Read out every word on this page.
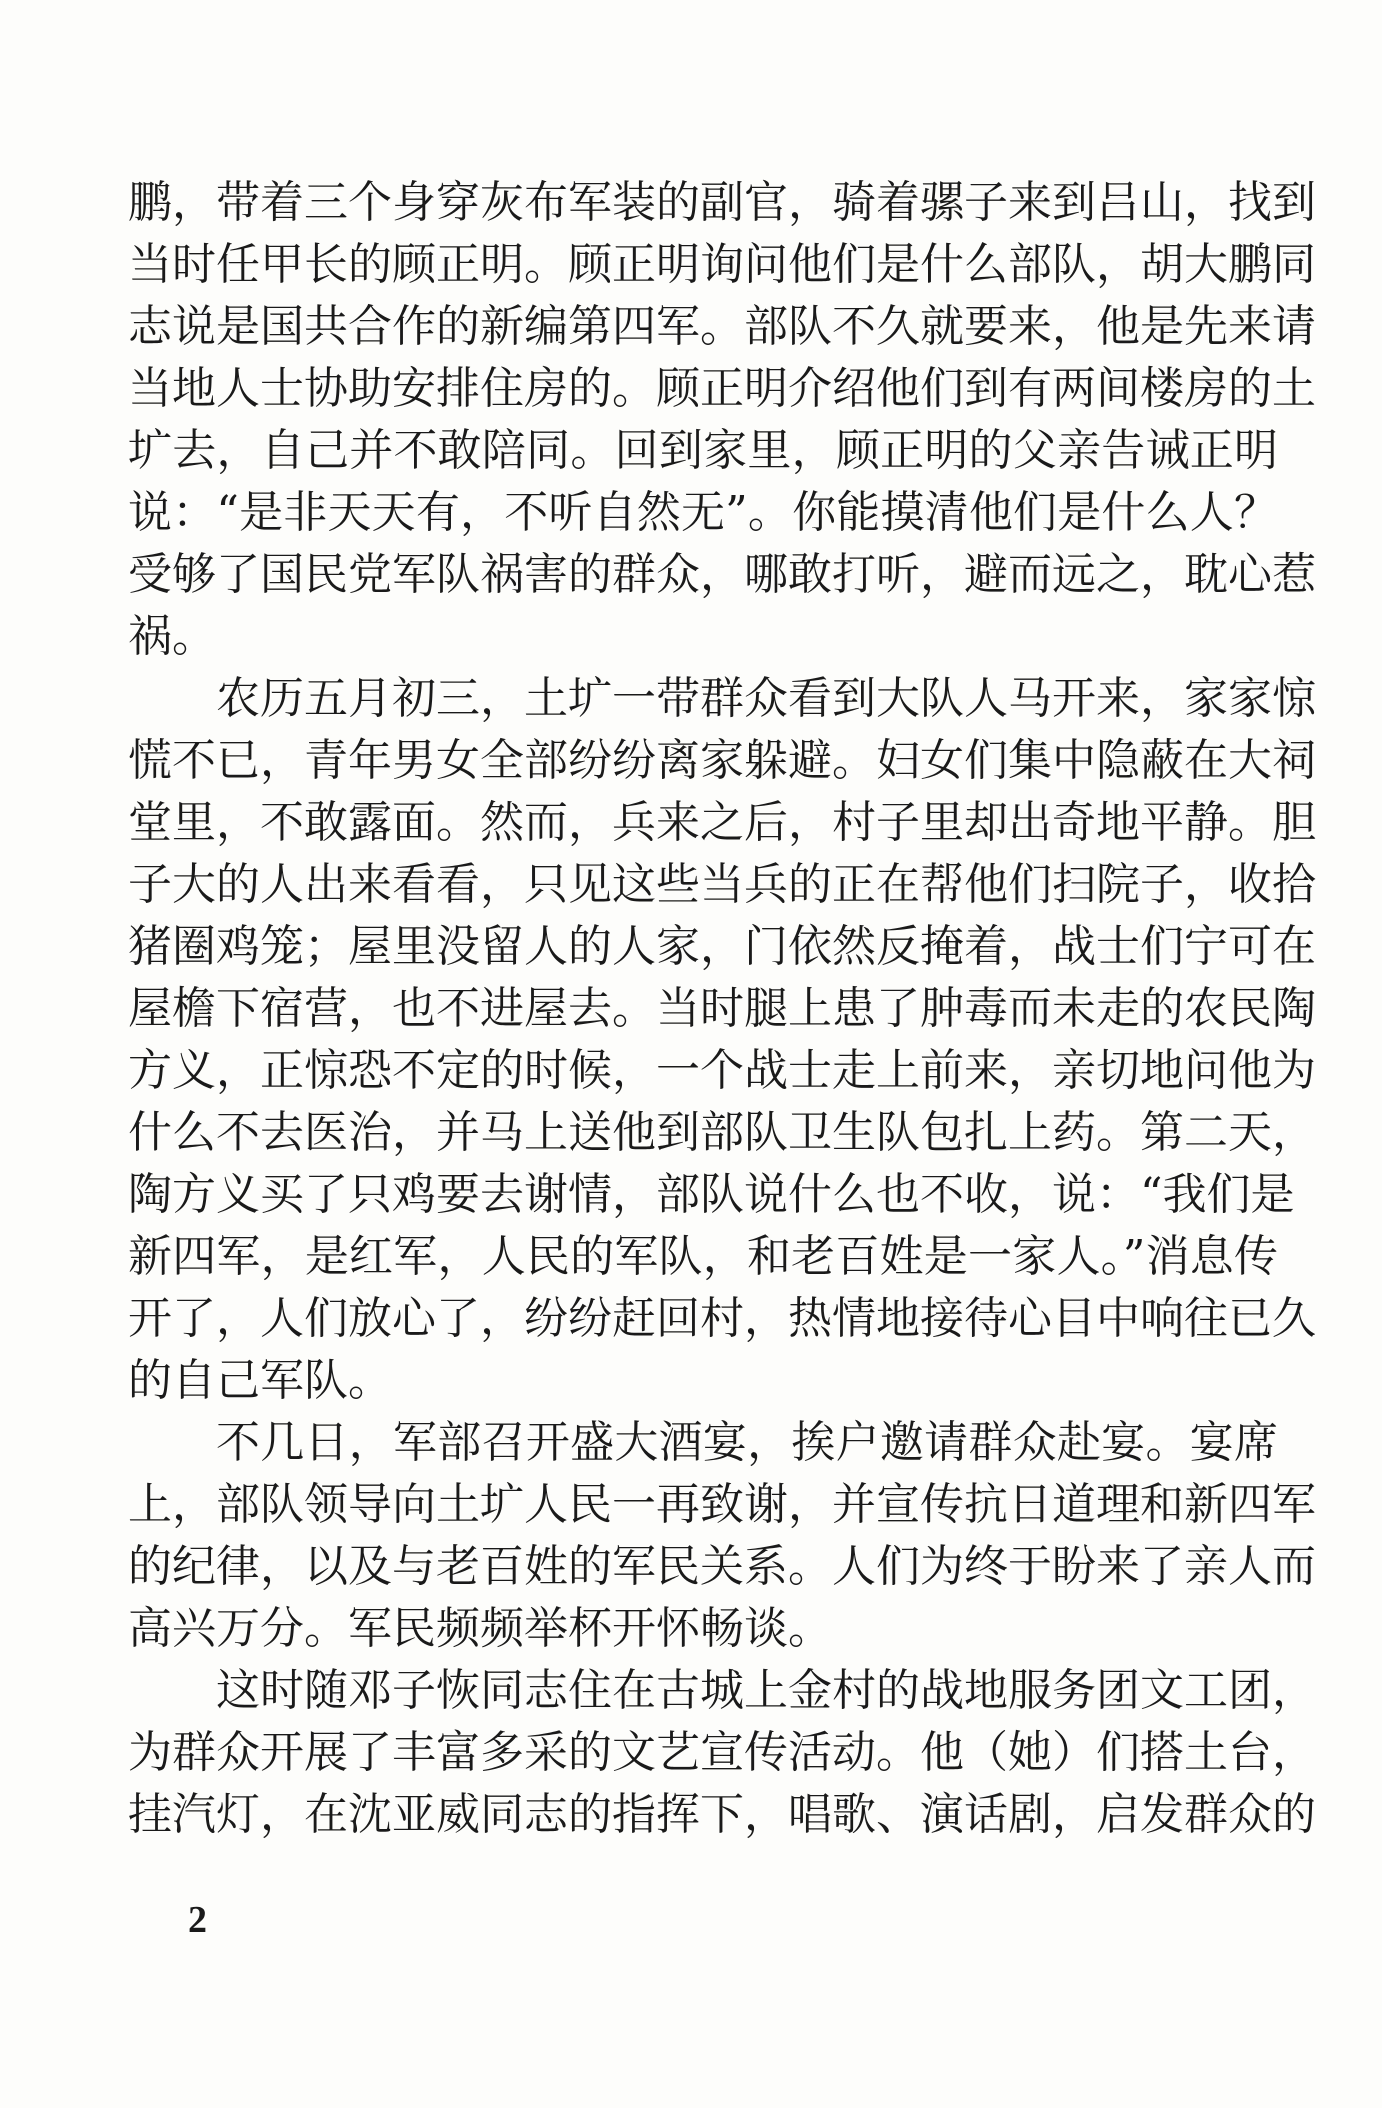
鹏，带着三个身穿灰布军装的副官，骑着骡子来到吕山，找到
当时任甲长的顾正明。顾正明询问他们是什么部队，胡大鹏同
志说是国共合作的新编第四军。部队不久就要来，他是先来请
当地人士协助安排住房的。顾正明介绍他们到有两间楼房的土
圹去，自己并不敢陪同。回到家里，顾正明的父亲告诫正明
说：“是非天天有，不听自然无”。你能摸清他们是什么人？
受够了国民党军队祸害的群众，哪敢打听，避而远之，耽心惹
祸。
农历五月初三，土圹一带群众看到大队人马开来，家家惊
慌不已，青年男女全部纷纷离家躲避。妇女们集中隐蔽在大祠
堂里，不敢露面。然而，兵来之后，村子里却出奇地平静。胆
子大的人出来看看，只见这些当兵的正在帮他们扫院子，收拾
猪圈鸡笼；屋里没留人的人家，门依然反掩着，战士们宁可在
屋檐下宿营，也不进屋去。当时腿上患了肿毒而未走的农民陶
方义，正惊恐不定的时候，一个战士走上前来，亲切地问他为
什么不去医治，并马上送他到部队卫生队包扎上药。第二天，
陶方义买了只鸡要去谢情，部队说什么也不收，说：“我们是
新四军，是红军，人民的军队，和老百姓是一家人。”消息传
开了，人们放心了，纷纷赶回村，热情地接待心目中响往已久
的自己军队。
不几日，军部召开盛大酒宴，挨户邀请群众赴宴。宴席
上，部队领导向土圹人民一再致谢，并宣传抗日道理和新四军
的纪律，以及与老百姓的军民关系。人们为终于盼来了亲人而
高兴万分。军民频频举杯开怀畅谈。
这时随邓子恢同志住在古城上金村的战地服务团文工团，
为群众开展了丰富多采的文艺宣传活动。他（她）们搭土台，
挂汽灯，在沈亚威同志的指挥下，唱歌、演话剧，启发群众的
2
